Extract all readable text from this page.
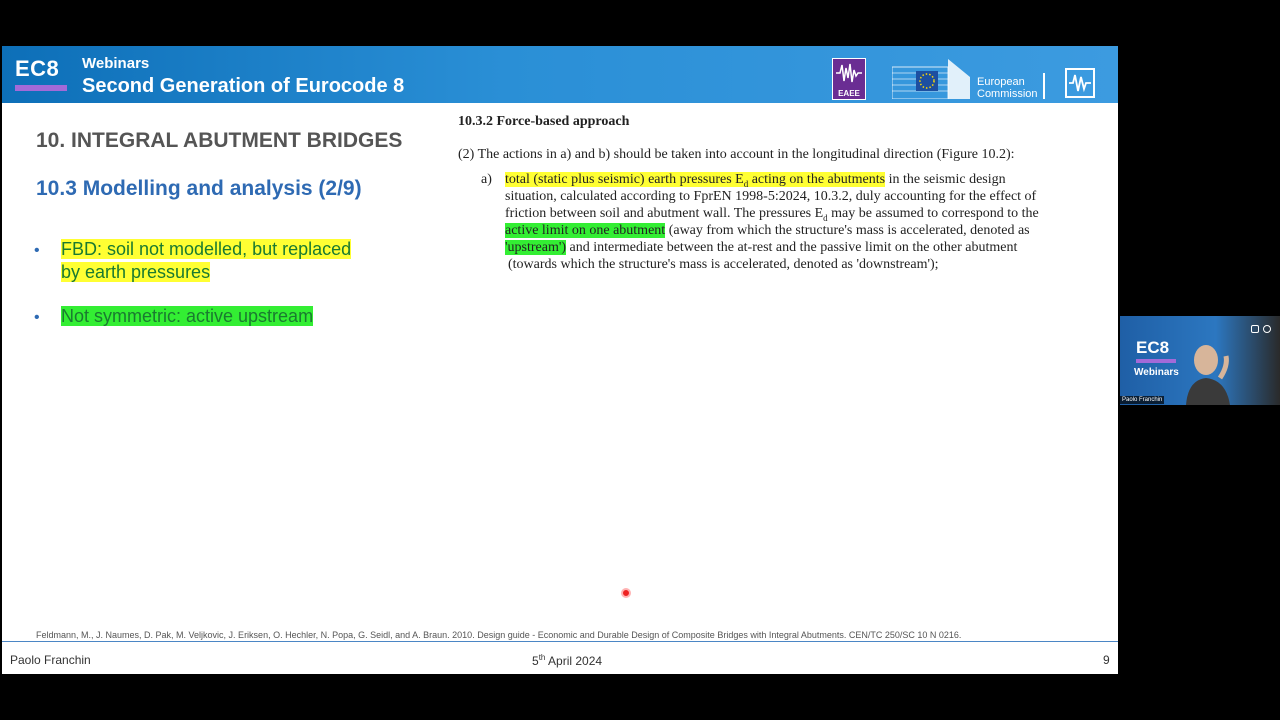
EC8 Webinars
Second Generation of Eurocode 8	EAEE
European
Commission
10. INTEGRAL ABUTMENT BRIDGES
10.3 Modelling and analysis (2/9)
• FBD: soil not modelled, but replaced
by earth pressures
• Not symmetric: active upstream
10.3.2 Force-based approach
(2) The actions in a) and b) should be taken into account in the longitudinal direction (Figure 10.2):
a) total (static plus seismic) earth pressures $E_d$ acting on the abutments in the seismic design
situation, calculated according to FprEN 1998-5:2024, 10.3.2, duly accounting for the effect of
friction between soil and abutment wall. The pressures $E_d$ may be assumed to correspond to the
active limit on one abutment (away from which the structure's mass is accelerated, denoted as
'upstream') and intermediate between the at-rest and the passive limit on the other abutment
(towards which the structure's mass is accelerated, denoted as 'downstream');
Feldmann, M., J. Naumes, D. Pak, M. Veljkovic, J. Eriksen, O. Hechler, N. Popa, G. Seidl, and A. Braun. 2010. Design guide - Economic and Durable Design of Composite Bridges with Integral Abutments. CEN/TC 250/SC 10 N 0216.
Paolo Franchin	5th April 2024	9
EC8
Webinars
Paolo Franchin
